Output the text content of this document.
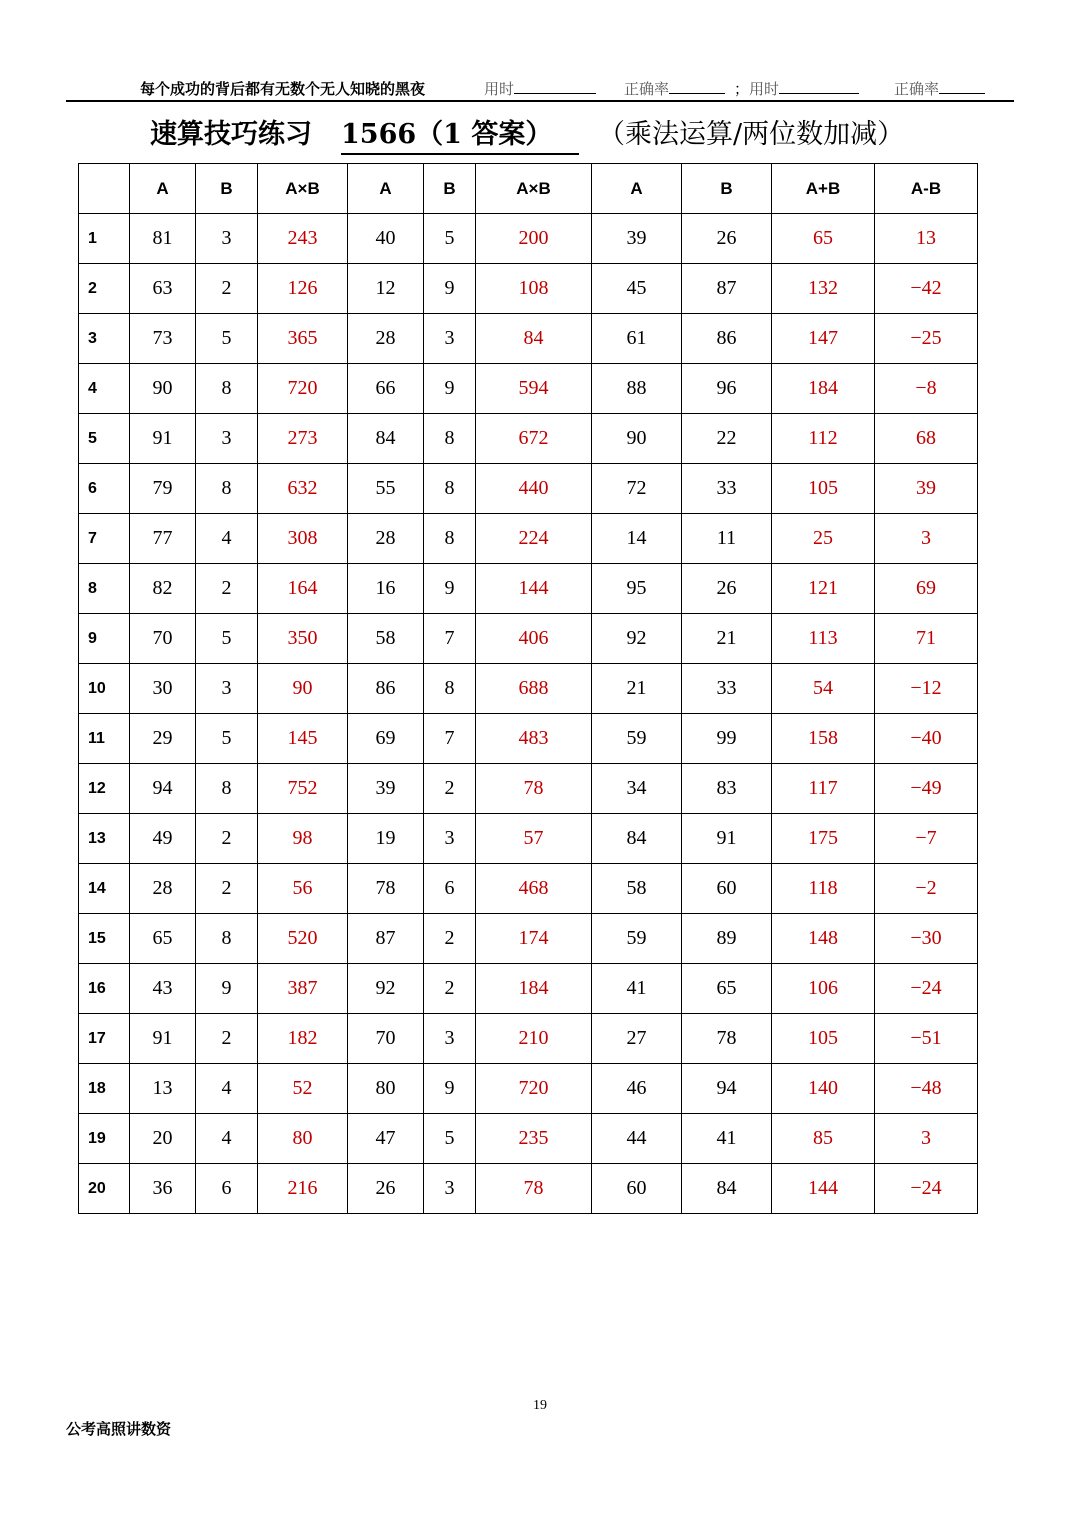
每个成功的背后都有无数个无人知晓的黑夜	用时	正确率	；用时	正确率
速算技巧练习 1566（1 答案）	（乘法运算/两位数加减）
	A	B	A×B	A	B	A×B	A	B	A+B	A-B
1	81	3	243	40	5	200	39	26	65	13
2	63	2	126	12	9	108	45	87	132	−42
3	73	5	365	28	3	84	61	86	147	−25
4	90	8	720	66	9	594	88	96	184	−8
5	91	3	273	84	8	672	90	22	112	68
6	79	8	632	55	8	440	72	33	105	39
7	77	4	308	28	8	224	14	11	25	3
8	82	2	164	16	9	144	95	26	121	69
9	70	5	350	58	7	406	92	21	113	71
10	30	3	90	86	8	688	21	33	54	−12
11	29	5	145	69	7	483	59	99	158	−40
12	94	8	752	39	2	78	34	83	117	−49
13	49	2	98	19	3	57	84	91	175	−7
14	28	2	56	78	6	468	58	60	118	−2
15	65	8	520	87	2	174	59	89	148	−30
16	43	9	387	92	2	184	41	65	106	−24
17	91	2	182	70	3	210	27	78	105	−51
18	13	4	52	80	9	720	46	94	140	−48
19	20	4	80	47	5	235	44	41	85	3
20	36	6	216	26	3	78	60	84	144	−24
19
公考高照讲数资
